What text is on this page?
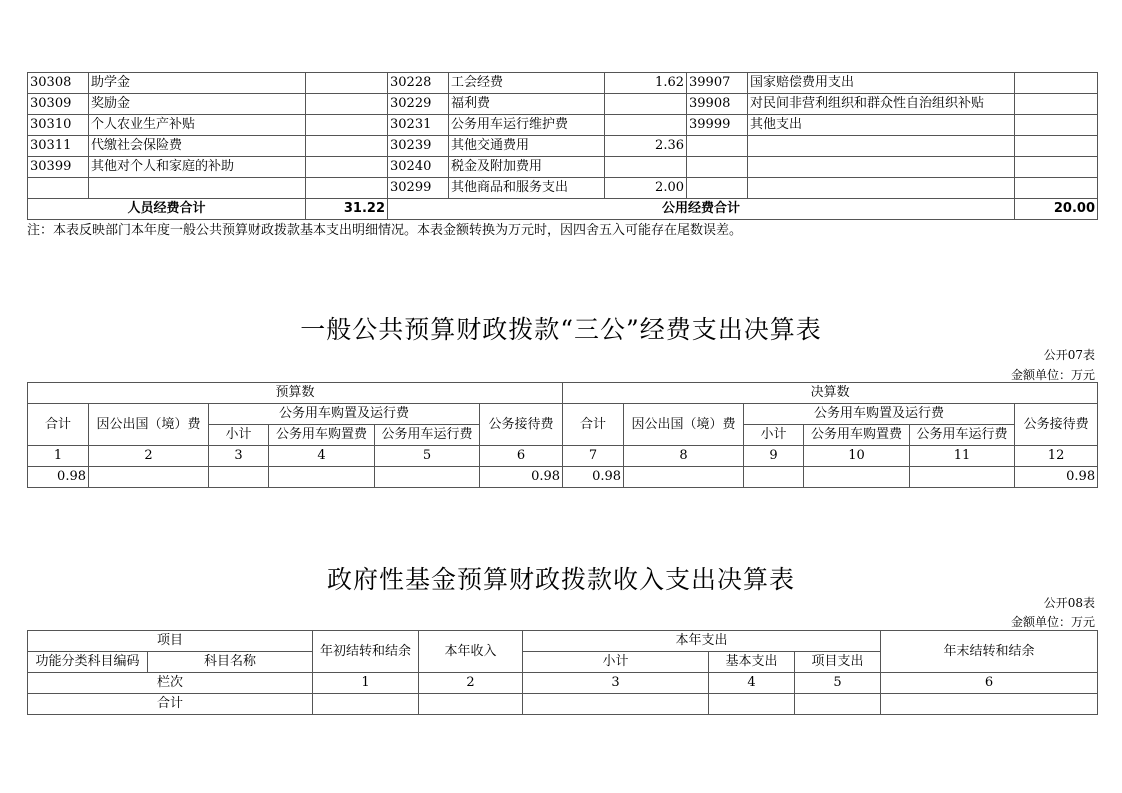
30308	助学金		30228	工会经费	1.62	39907	国家赔偿费用支出	
30309	奖励金		30229	福利费		39908	对民间非营利组织和群众性自治组织补贴	
30310	个人农业生产补贴		30231	公务用车运行维护费		39999	其他支出	
30311	代缴社会保险费		30239	其他交通费用	2.36			
30399	其他对个人和家庭的补助		30240	税金及附加费用				
			30299	其他商品和服务支出	2.00			
人员经费合计		31.22	公用经费合计					20.00
注：本表反映部门本年度一般公共预算财政拨款基本支出明细情况。本表金额转换为万元时，因四舍五入可能存在尾数误差。
一般公共预算财政拨款“三公”经费支出决算表
公开07表
金额单位：万元
预算数						决算数					
合计	因公出国（境）费	公务用车购置及运行费			公务接待费	合计	因公出国（境）费	公务用车购置及运行费			公务接待费
		小计	公务用车购置费	公务用车运行费				小计	公务用车购置费	公务用车运行费	
1	2	3	4	5	6	7	8	9	10	11	12
0.98					0.98	0.98					0.98
政府性基金预算财政拨款收入支出决算表
公开08表
金额单位：万元
项目		年初结转和结余	本年收入	本年支出			年末结转和结余
功能分类科目编码	科目名称			小计	基本支出	项目支出	
栏次		1	2	3	4	5	6
合计							
